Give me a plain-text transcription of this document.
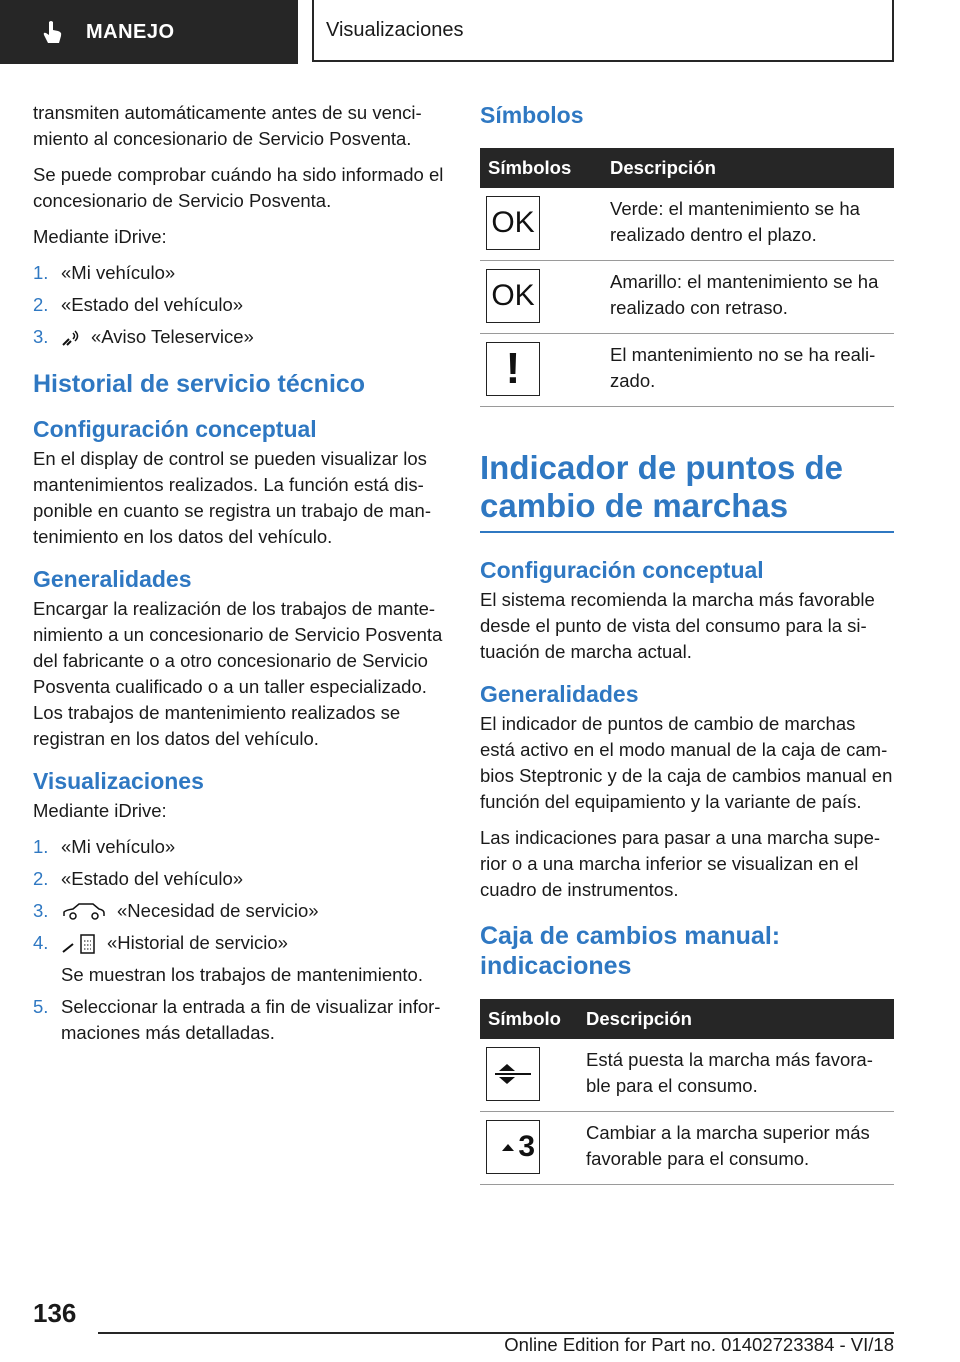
MANEJO	Visualizaciones

transmiten automáticamente antes de su vencimiento al concesionario de Servicio Posventa.

Se puede comprobar cuándo ha sido informado el concesionario de Servicio Posventa.

Mediante iDrive:

1. «Mi vehículo»
2. «Estado del vehículo»
3. «Aviso Teleservice»
Historial de servicio técnico
Configuración conceptual

En el display de control se pueden visualizar los mantenimientos realizados. La función está disponible en cuanto se registra un trabajo de mantenimiento en los datos del vehículo.

Generalidades

Encargar la realización de los trabajos de mantenimiento a un concesionario de Servicio Posventa del fabricante o a otro concesionario de Servicio Posventa cualificado o a un taller especializado. Los trabajos de mantenimiento realizados se registran en los datos del vehículo.

Visualizaciones

Mediante iDrive:

1. «Mi vehículo»
2. «Estado del vehículo»
3.	«Necesidad de servicio»
4.	«Historial de servicio»
Se muestran los trabajos de mantenimiento.
5. Seleccionar la entrada a fin de visualizar informaciones más detalladas.
Símbolos
Símbolos	Descripción

OK	Verde: el mantenimiento se ha realizado dentro el plazo.

OK	Amarillo: el mantenimiento se ha realizado con retraso.

!	El mantenimiento no se ha realizado.
Indicador de puntos de cambio de marchas
Configuración conceptual

El sistema recomienda la marcha más favorable desde el punto de vista del consumo para la situación de marcha actual.

Generalidades

El indicador de puntos de cambio de marchas está activo en el modo manual de la caja de cambios Steptronic y de la caja de cambios manual en función del equipamiento y la variante de país.

Las indicaciones para pasar a una marcha superior o a una marcha inferior se visualizan en el cuadro de instrumentos.

Caja de cambios manual: indicaciones
Símbolo	Descripción

	Está puesta la marcha más favorable para el consumo.

3	Cambiar a la marcha superior más favorable para el consumo.
136
Online Edition for Part no. 01402723384 - VI/18
